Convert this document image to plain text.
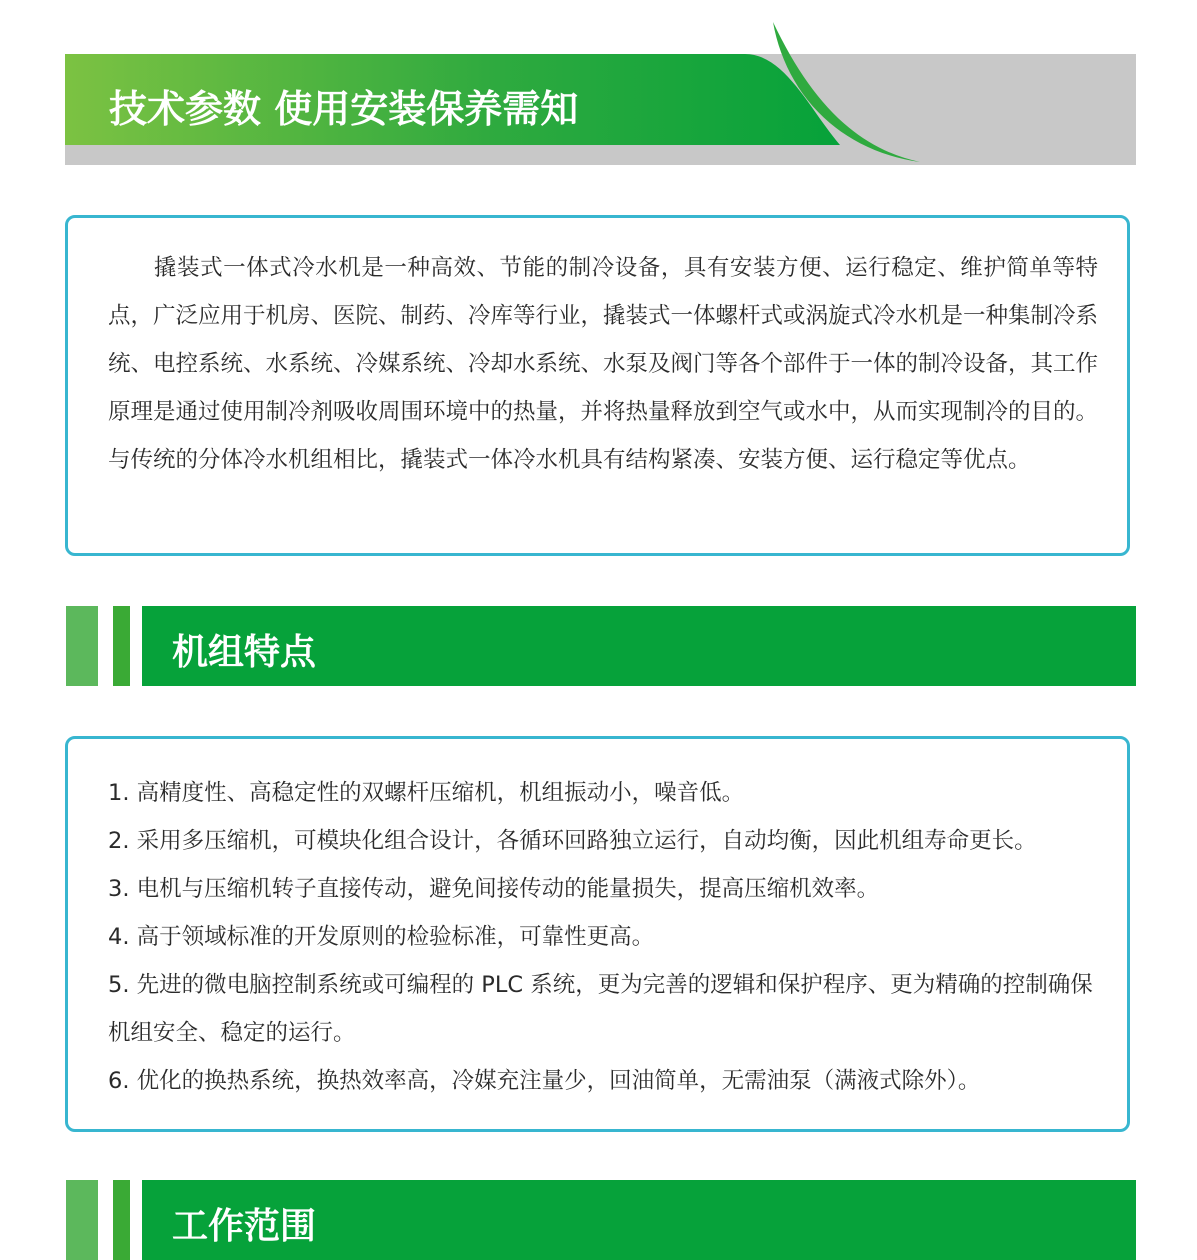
技术参数 使用安装保养需知

撬装式一体式冷水机是一种高效、节能的制冷设备，具有安装方便、运行稳定、维护简单等特点，广泛应用于机房、医院、制药、冷库等行业，撬装式一体螺杆式或涡旋式冷水机是一种集制冷系统、电控系统、水系统、冷媒系统、冷却水系统、水泵及阀门等各个部件于一体的制冷设备，其工作原理是通过使用制冷剂吸收周围环境中的热量，并将热量释放到空气或水中，从而实现制冷的目的。与传统的分体冷水机组相比，撬装式一体冷水机具有结构紧凑、安装方便、运行稳定等优点。

机组特点
1. 高精度性、高稳定性的双螺杆压缩机，机组振动小，噪音低。
2. 采用多压缩机，可模块化组合设计，各循环回路独立运行，自动均衡，因此机组寿命更长。
3. 电机与压缩机转子直接传动，避免间接传动的能量损失，提高压缩机效率。
4. 高于领域标准的开发原则的检验标准，可靠性更高。
5. 先进的微电脑控制系统或可编程的 PLC 系统，更为完善的逻辑和保护程序、更为精确的控制确保机组安全、稳定的运行。
6. 优化的换热系统，换热效率高，冷媒充注量少，回油简单，无需油泵（满液式除外）。
工作范围
